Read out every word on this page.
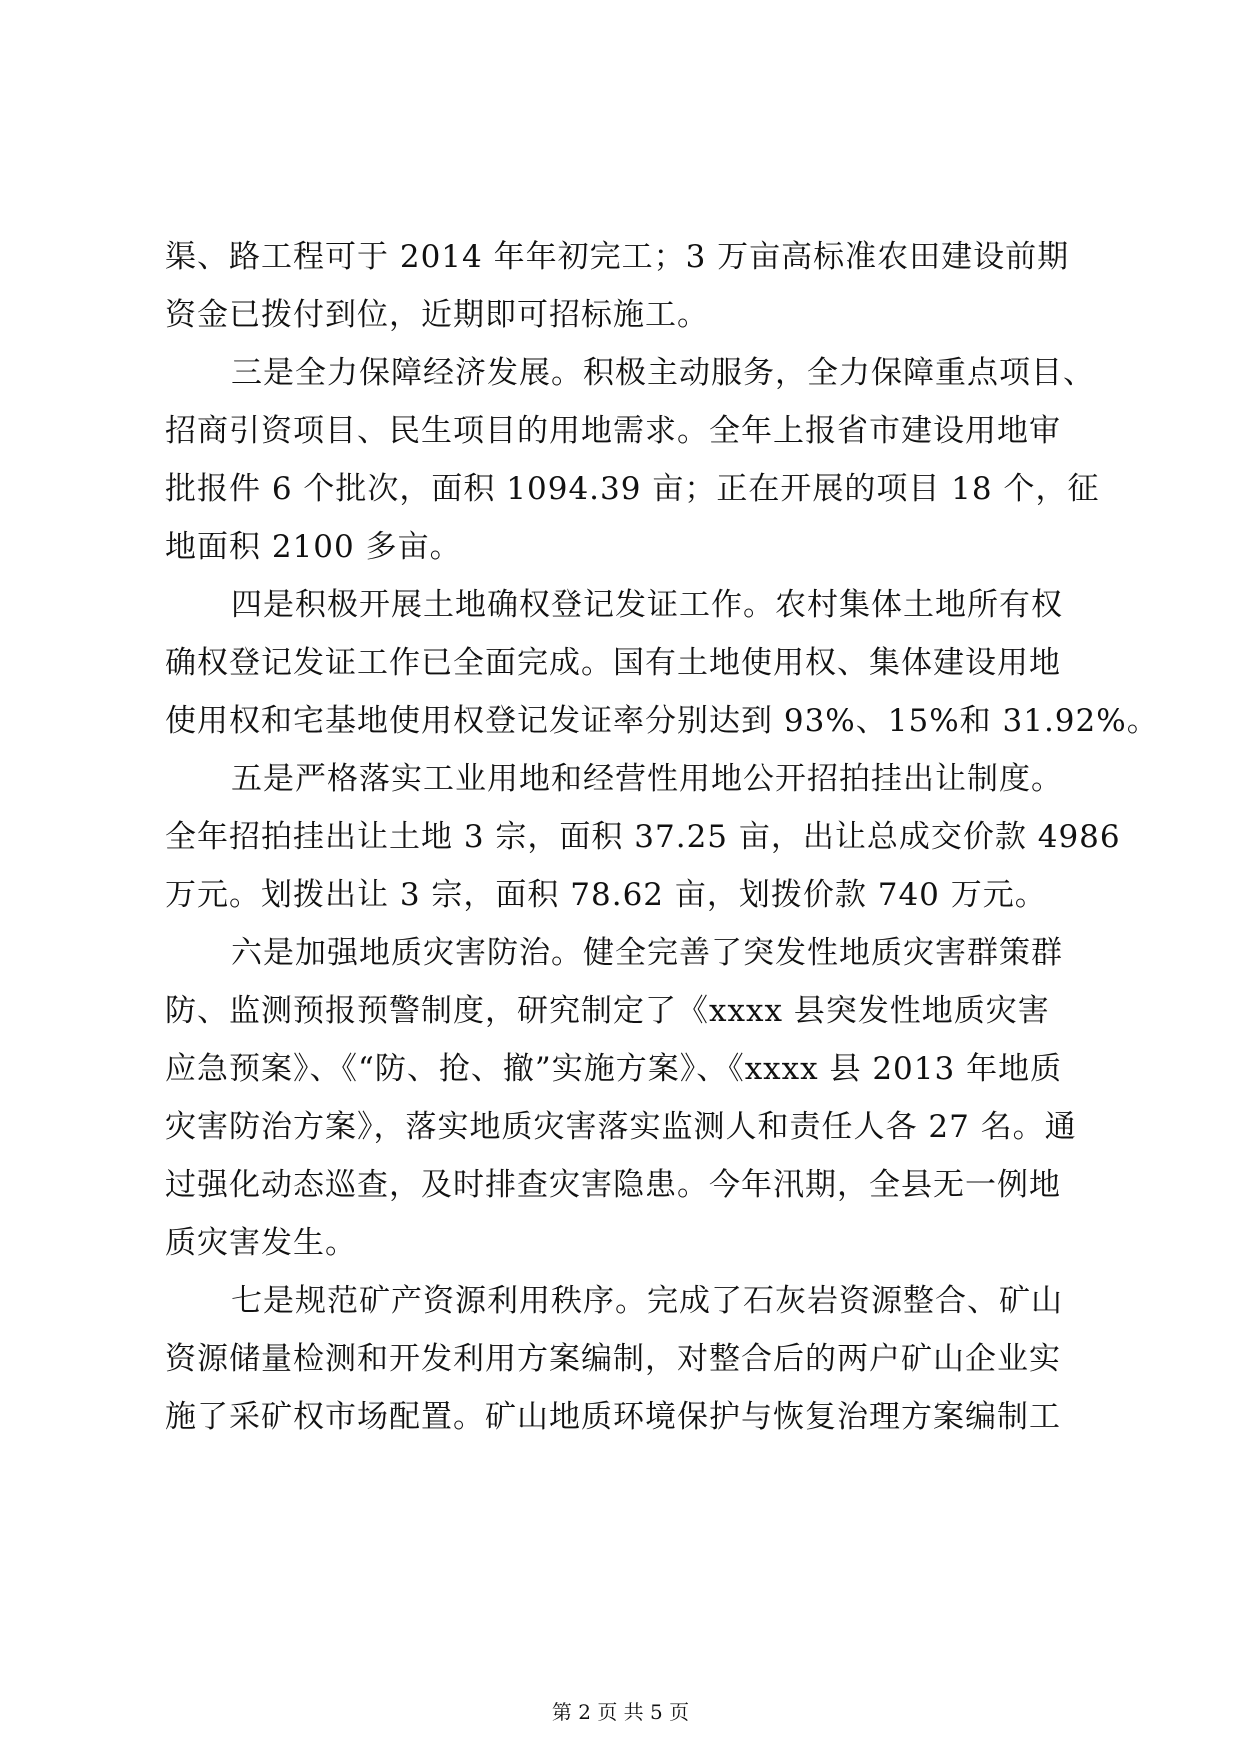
渠、路工程可于 2014 年年初完工；3 万亩高标准农田建设前期
资金已拨付到位，近期即可招标施工。

三是全力保障经济发展。积极主动服务，全力保障重点项目、
招商引资项目、民生项目的用地需求。全年上报省市建设用地审
批报件 6 个批次，面积 1094.39 亩；正在开展的项目 18 个，征
地面积 2100 多亩。

四是积极开展土地确权登记发证工作。农村集体土地所有权
确权登记发证工作已全面完成。国有土地使用权、集体建设用地
使用权和宅基地使用权登记发证率分别达到 93%、15%和 31.92%。

五是严格落实工业用地和经营性用地公开招拍挂出让制度。
全年招拍挂出让土地 3 宗，面积 37.25 亩，出让总成交价款 4986
万元。划拨出让 3 宗，面积 78.62 亩，划拨价款 740 万元。

六是加强地质灾害防治。健全完善了突发性地质灾害群策群
防、监测预报预警制度，研究制定了《xxxx 县突发性地质灾害
应急预案》、《“防、抢、撤”实施方案》、《xxxx 县 2013 年地质
灾害防治方案》，落实地质灾害落实监测人和责任人各 27 名。通
过强化动态巡查，及时排查灾害隐患。今年汛期，全县无一例地
质灾害发生。

七是规范矿产资源利用秩序。完成了石灰岩资源整合、矿山
资源储量检测和开发利用方案编制，对整合后的两户矿山企业实
施了采矿权市场配置。矿山地质环境保护与恢复治理方案编制工

第 2 页 共 5 页
